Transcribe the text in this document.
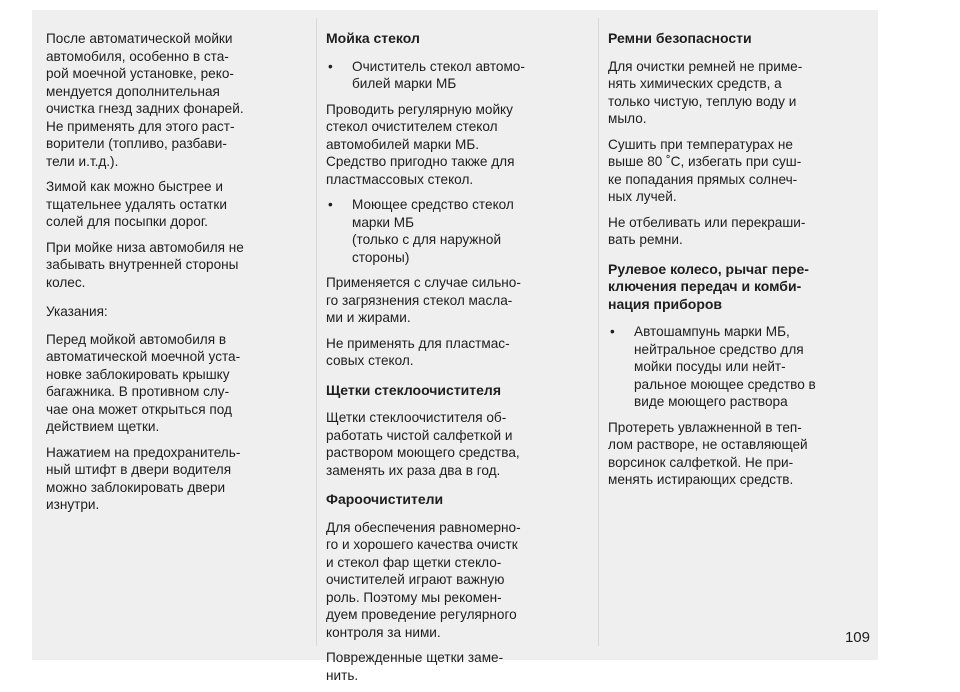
После автоматической мойки
автомобиля, особенно в ста-
рой моечной установке, реко-
мендуется дополнительная
очистка гнезд задних фонарей.
Не применять для этого раст-
ворители (топливо, разбави-
тели и.т.д.).

Зимой как можно быстрее и
тщательнее удалять остатки
солей для посыпки дорог.

При мойке низа автомобиля не
забывать внутренней стороны
колес.

Указания:

Перед мойкой автомобиля в
автоматической моечной уста-
новке заблокировать крышку
багажника. В противном слу-
чае она может открыться под
действием щетки.

Нажатием на предохранитель-
ный штифт в двери водителя
можно заблокировать двери
изнутри.

Мойка стекол
•	Очиститель стекол автомо-
билей марки МБ

Проводить регулярную мойку
стекол очистителем стекол
автомобилей марки МБ.
Средство пригодно также для
пластмассовых стекол.

•	Моющее средство стекол
марки МБ
(только с для наружной
стороны)

Применяется с случае сильно-
го загрязнения стекол масла-
ми и жирами.

Не применять для пластмас-
совых стекол.

Щетки стеклоочистителя

Щетки стеклоочистителя об-
работать чистой салфеткой и
раствором моющего средства,
заменять их раза два в год.

Фароочистители

Для обеспечения равномерно-
го и хорошего качества очистк
и стекол фар щетки стекло-
очистителей играют важную
роль. Поэтому мы рекомен-
дуем проведение регулярного
контроля за ними.

Поврежденные щетки заме-
нить.

Ремни безопасности

Для очистки ремней не приме-
нять химических средств, а
только чистую, теплую воду и
мыло.

Сушить при температурах не
выше 80 ˚С, избегать при суш-
ке попадания прямых солнеч-
ных лучей.

Не отбеливать или перекраши-
вать ремни.

Рулевое колесо, рычаг пере-
ключения передач и комби-
нация приборов
•	Автошампунь марки МБ,
нейтральное средство для
мойки посуды или нейт-
ральное моющее средство в
виде моющего раствора

Протереть увлажненной в теп-
лом растворе, не оставляющей
ворсинок салфеткой. Не при-
менять истирающих средств.

109
